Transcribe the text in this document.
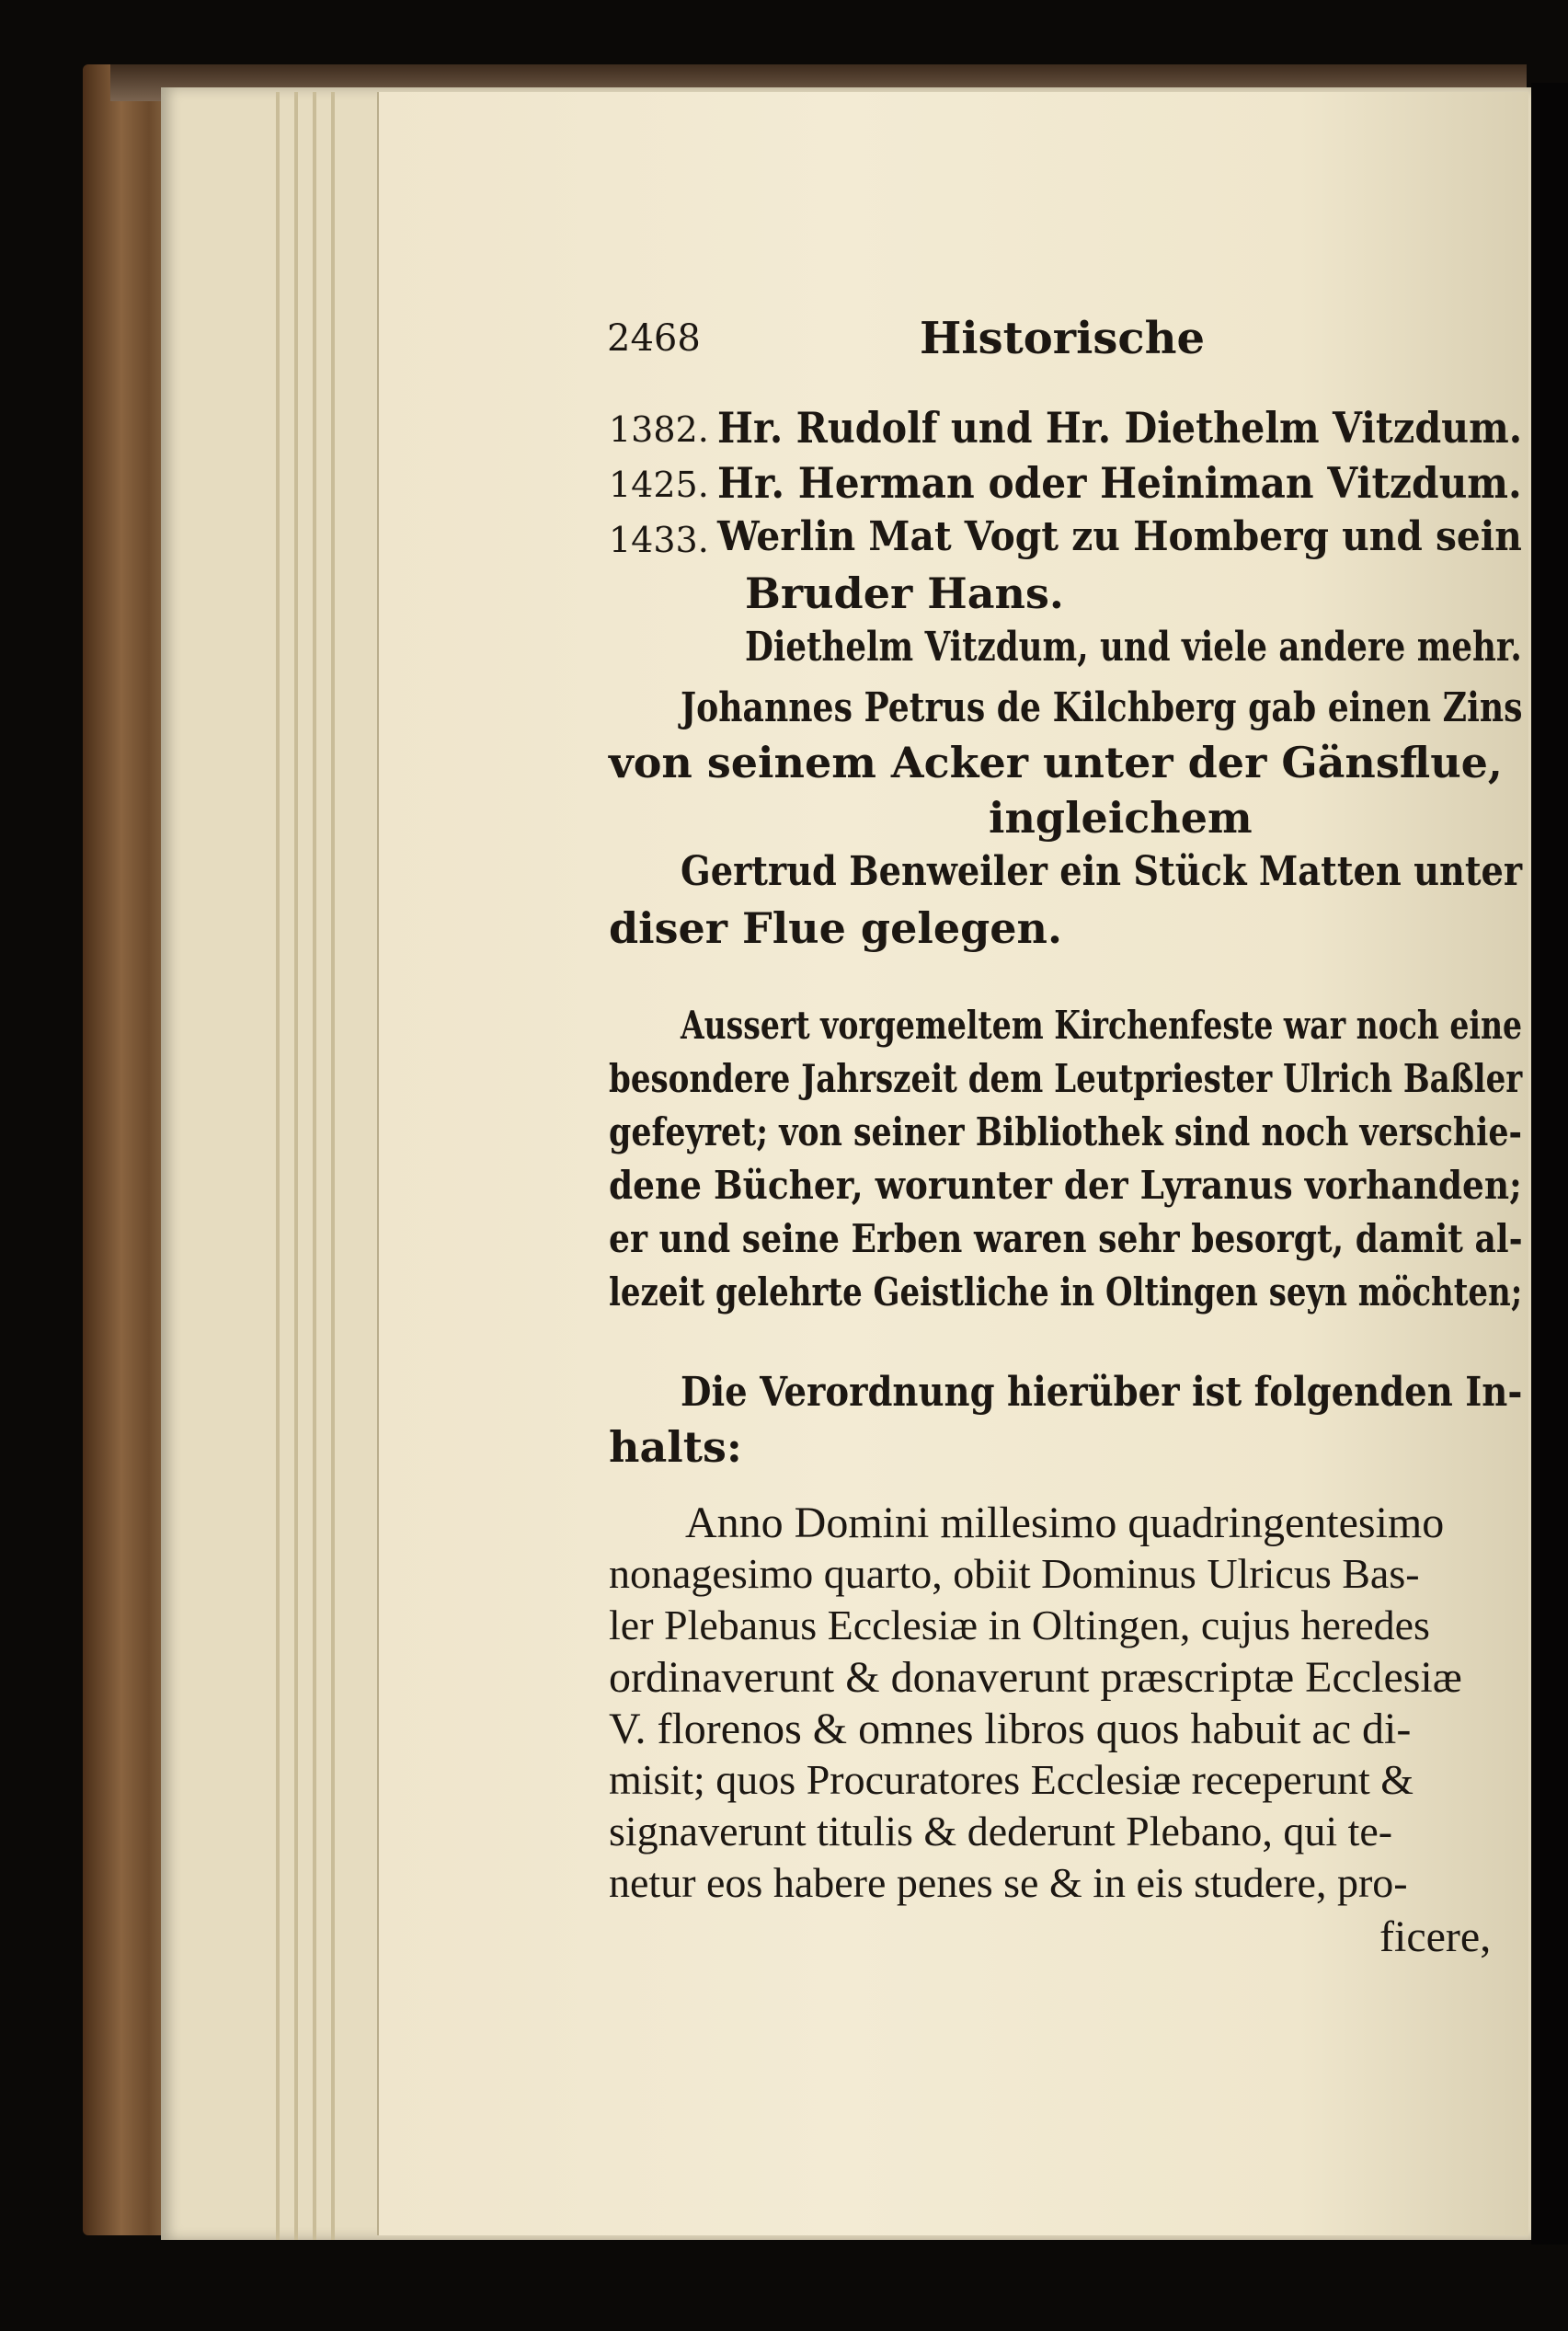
2468	Historische
1382. Hr. Rudolf und Hr. Diethelm Vitzdum.
1425. Hr. Herman oder Heiniman Vitzdum.
1433. Werlin Mat Vogt zu Homberg und sein
Bruder Hans.
Diethelm Vitzdum, und viele andere mehr.
Johannes Petrus de Kilchberg gab einen Zins
von seinem Acker unter der Gänsflue,
ingleichem
Gertrud Benweiler ein Stück Matten unter
diser Flue gelegen.
Aussert vorgemeltem Kirchenfeste war noch eine
besondere Jahrszeit dem Leutpriester Ulrich Baßler
gefeyret; von seiner Bibliothek sind noch verschie-
dene Bücher, worunter der Lyranus vorhanden;
er und seine Erben waren sehr besorgt, damit al-
lezeit gelehrte Geistliche in Oltingen seyn möchten;
Die Verordnung hierüber ist folgenden In-
halts:
Anno Domini millesimo quadringentesimo
nonagesimo quarto, obiit Dominus Ulricus Bas-
ler Plebanus Ecclesiæ in Oltingen, cujus heredes
ordinaverunt & donaverunt præscriptæ Ecclesiæ
V. florenos & omnes libros quos habuit ac di-
misit; quos Procuratores Ecclesiæ receperunt &
signaverunt titulis & dederunt Plebano, qui te-
netur eos habere penes se & in eis studere, pro-
ficere,
